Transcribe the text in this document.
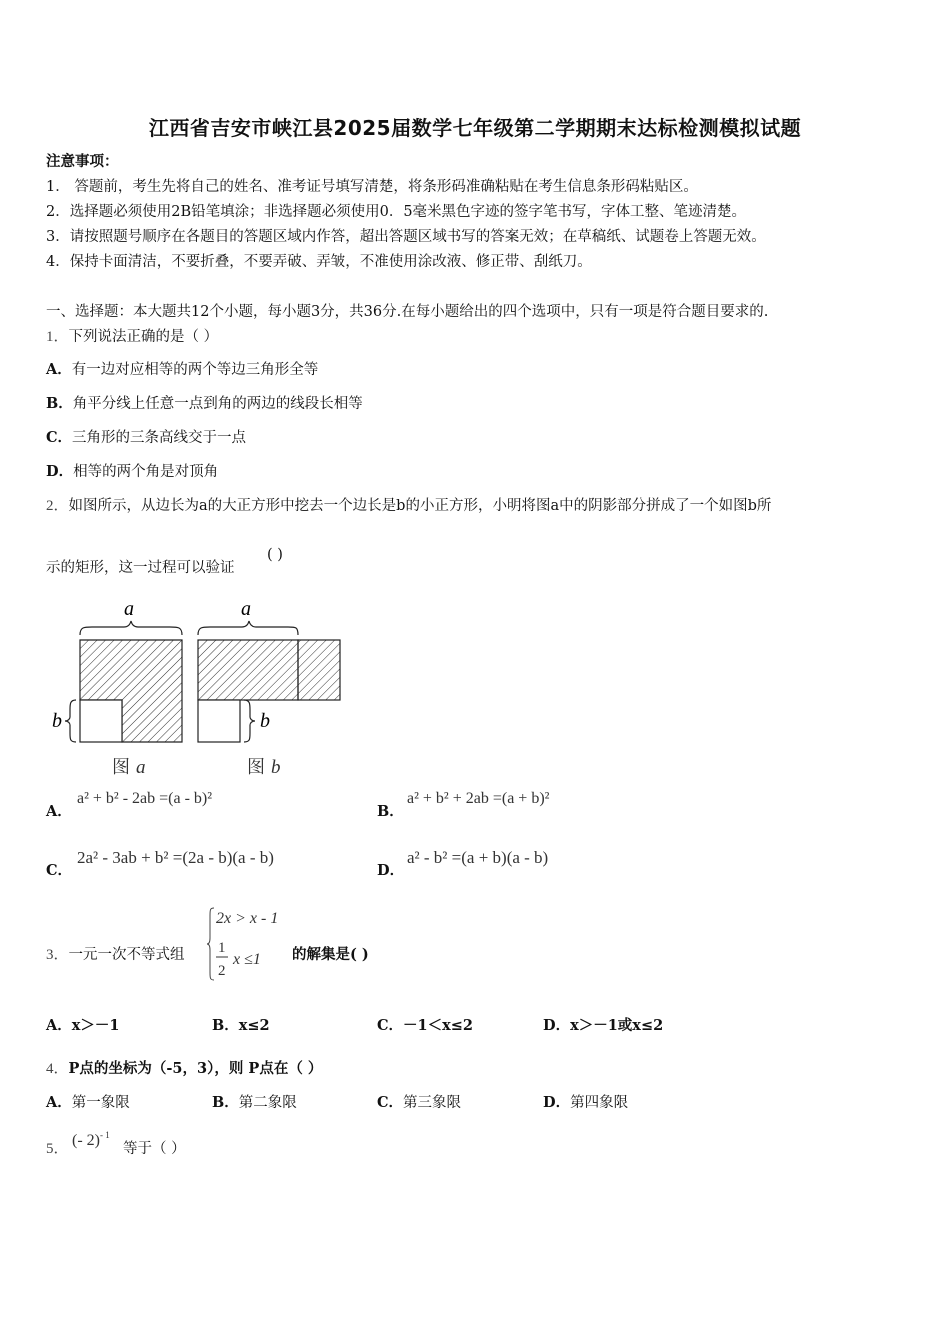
江西省吉安市峡江县2025届数学七年级第二学期期末达标检测模拟试题
注意事项：
1． 答题前，考生先将自己的姓名、准考证号填写清楚，将条形码准确粘贴在考生信息条形码粘贴区。
2．选择题必须使用2B铅笔填涂；非选择题必须使用0．5毫米黑色字迹的签字笔书写，字体工整、笔迹清楚。
3．请按照题号顺序在各题目的答题区域内作答，超出答题区域书写的答案无效；在草稿纸、试题卷上答题无效。
4．保持卡面清洁，不要折叠，不要弄破、弄皱，不准使用涂改液、修正带、刮纸刀。
一、选择题：本大题共12个小题，每小题3分，共36分.在每小题给出的四个选项中，只有一项是符合题目要求的.
1．下列说法正确的是（ ）
A．有一边对应相等的两个等边三角形全等
B．角平分线上任意一点到角的两边的线段长相等
C．三角形的三条高线交于一点
D．相等的两个角是对顶角
2．如图所示，从边长为a的大正方形中挖去一个边长是b的小正方形，小明将图a中的阴影部分拼成了一个如图b所
示的矩形，这一过程可以验证
( )
a
b
图 a
a
b
图 b
A．
a² + b² - 2ab =(a - b)²
B．
a² + b² + 2ab =(a + b)²
C．
2a² - 3ab + b² =(2a - b)(a - b)
D．
a² - b² =(a + b)(a - b)
3．一元一次不等式组
2x > x - 1
1
2
x ≤1 的解集是( )
A．x＞－1	B．x≤2	C．－1＜x≤2	D．x＞－1或x≤2
4．P点的坐标为（-5，3），则 P点在（ ）
A．第一象限	B．第二象限	C．第三象限	D．第四象限
5． (- 2)$^{- 1}$
等于（ ）
